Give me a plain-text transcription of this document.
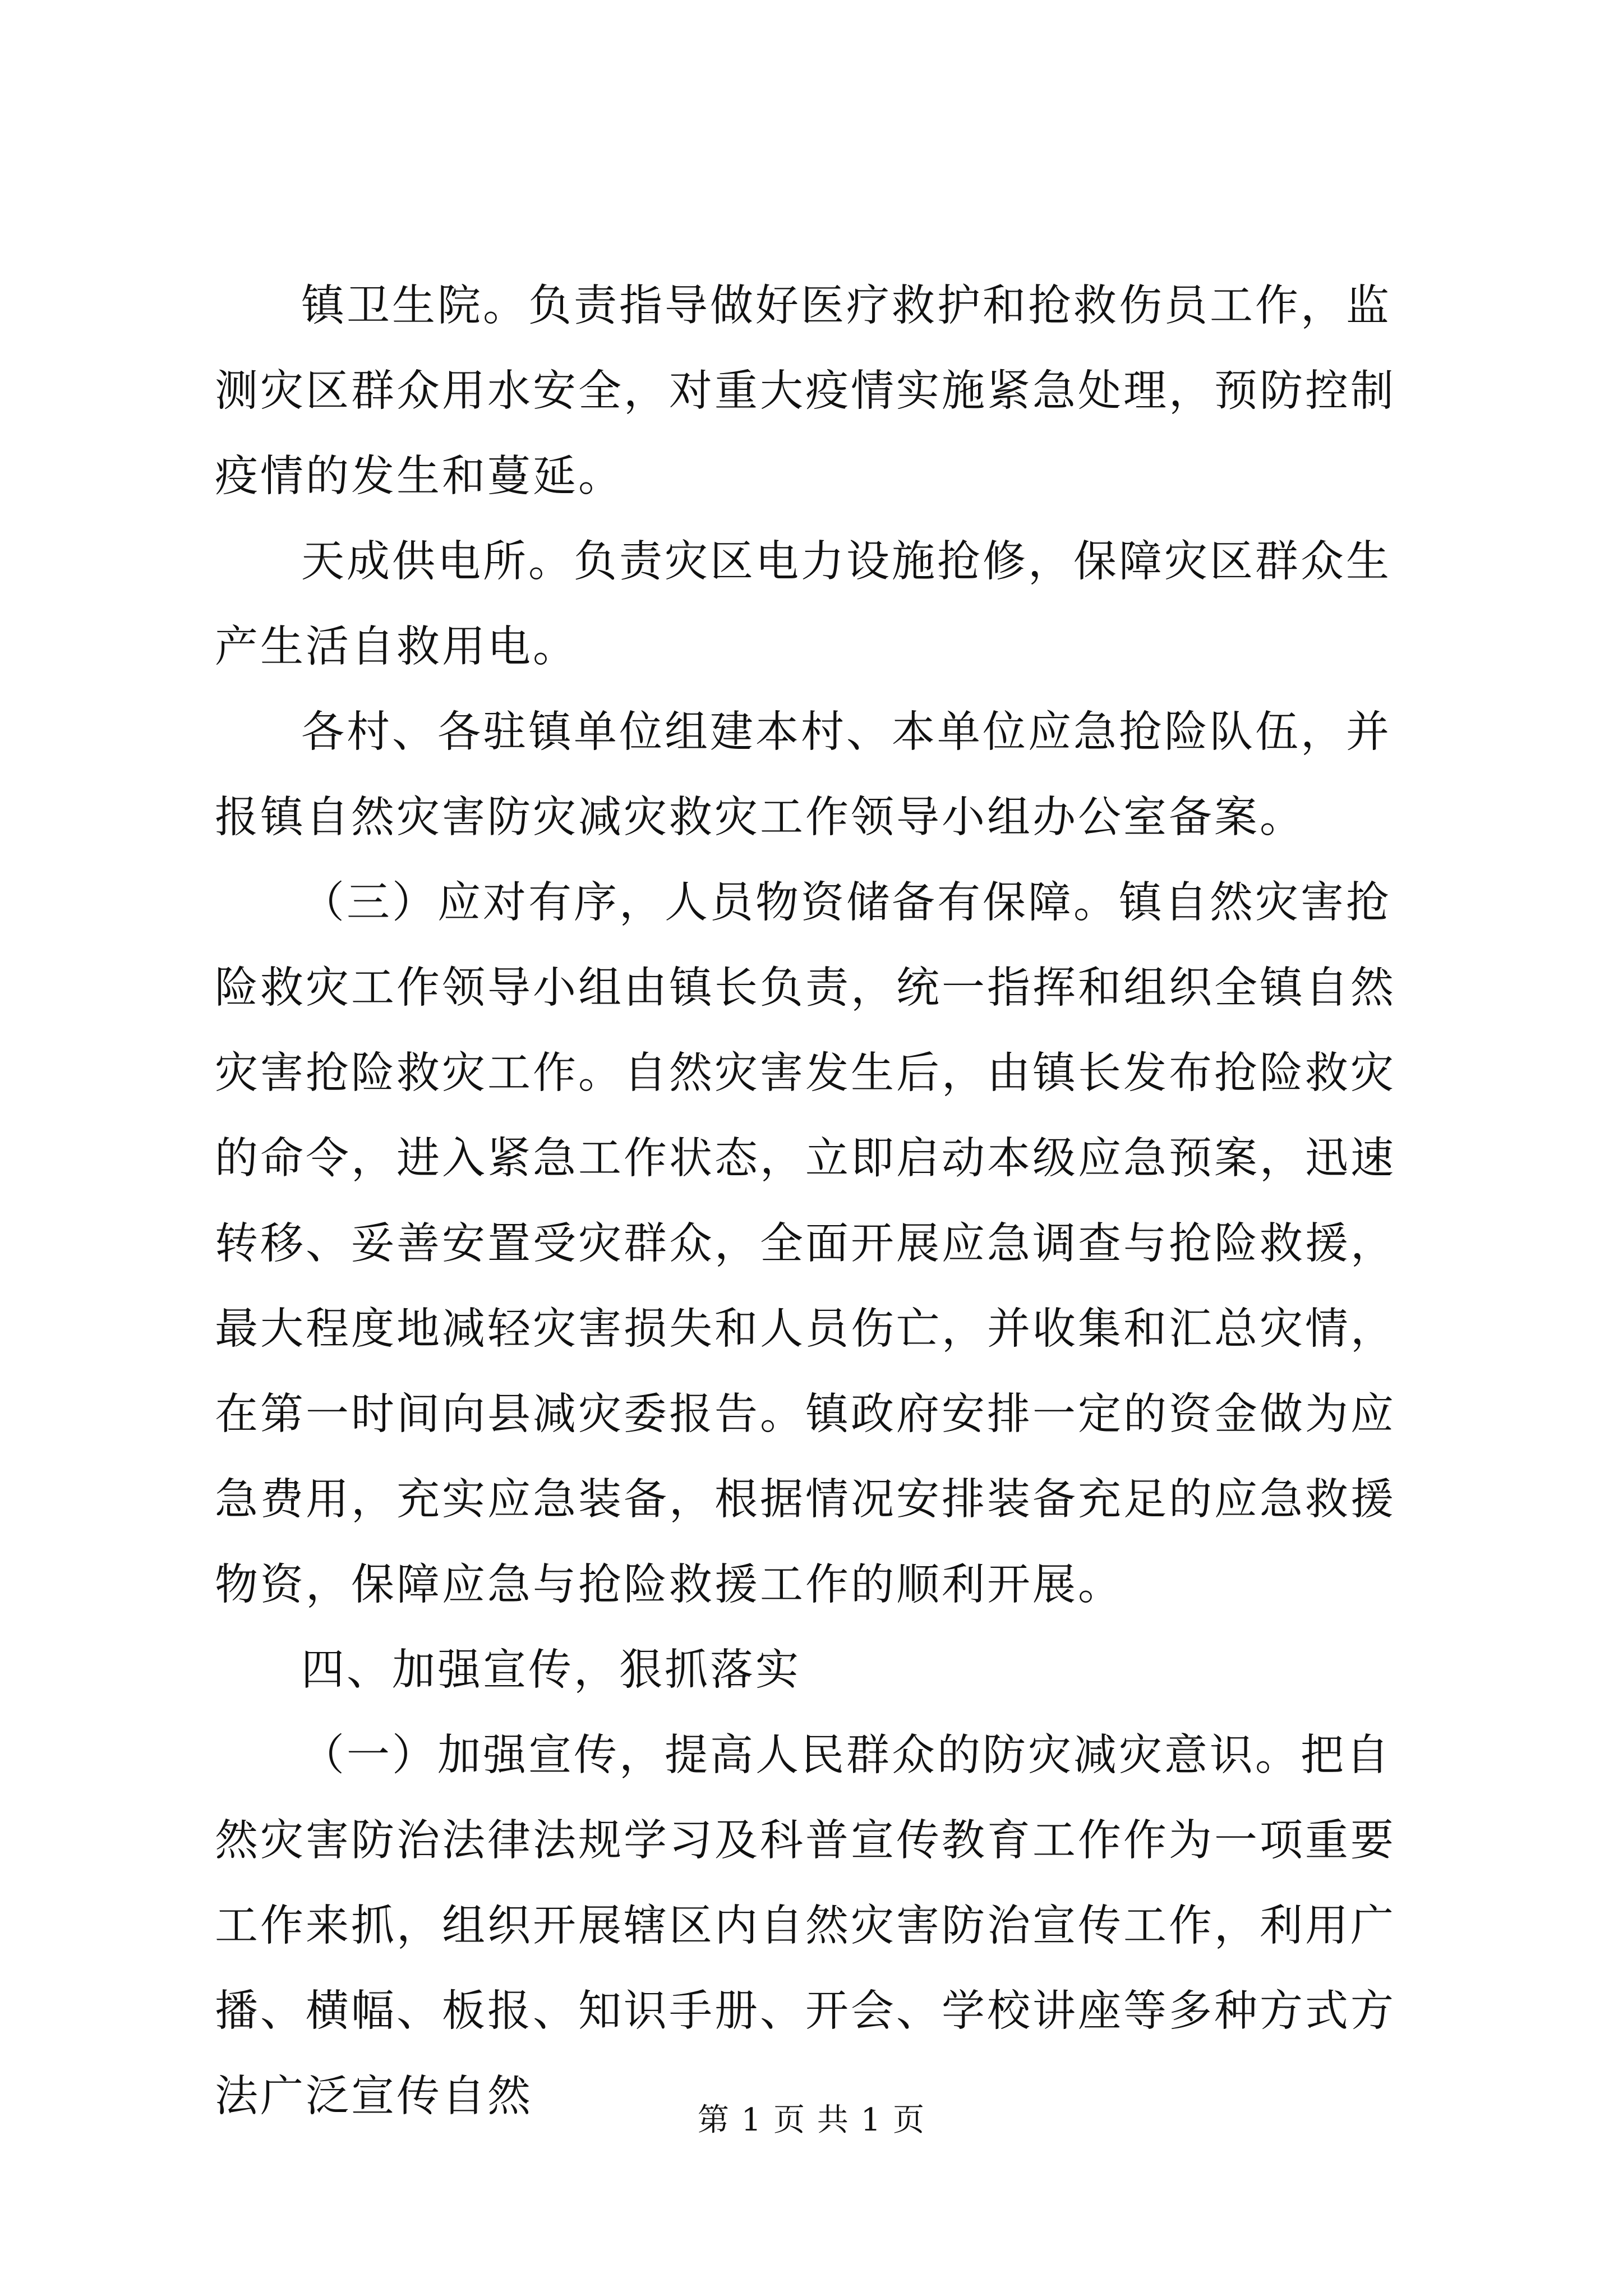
镇卫生院。负责指导做好医疗救护和抢救伤员工作，监测灾区群众用水安全，对重大疫情实施紧急处理，预防控制疫情的发生和蔓延。

天成供电所。负责灾区电力设施抢修，保障灾区群众生产生活自救用电。

各村、各驻镇单位组建本村、本单位应急抢险队伍，并报镇自然灾害防灾减灾救灾工作领导小组办公室备案。

（三）应对有序，人员物资储备有保障。镇自然灾害抢险救灾工作领导小组由镇长负责，统一指挥和组织全镇自然灾害抢险救灾工作。自然灾害发生后，由镇长发布抢险救灾的命令，进入紧急工作状态，立即启动本级应急预案，迅速转移、妥善安置受灾群众，全面开展应急调查与抢险救援，最大程度地减轻灾害损失和人员伤亡，并收集和汇总灾情，在第一时间向县减灾委报告。镇政府安排一定的资金做为应急费用，充实应急装备，根据情况安排装备充足的应急救援物资，保障应急与抢险救援工作的顺利开展。

四、加强宣传，狠抓落实

（一）加强宣传，提高人民群众的防灾减灾意识。把自然灾害防治法律法规学习及科普宣传教育工作作为一项重要工作来抓，组织开展辖区内自然灾害防治宣传工作，利用广播、横幅、板报、知识手册、开会、学校讲座等多种方式方法广泛宣传自然	第 1 页 共 1 页
